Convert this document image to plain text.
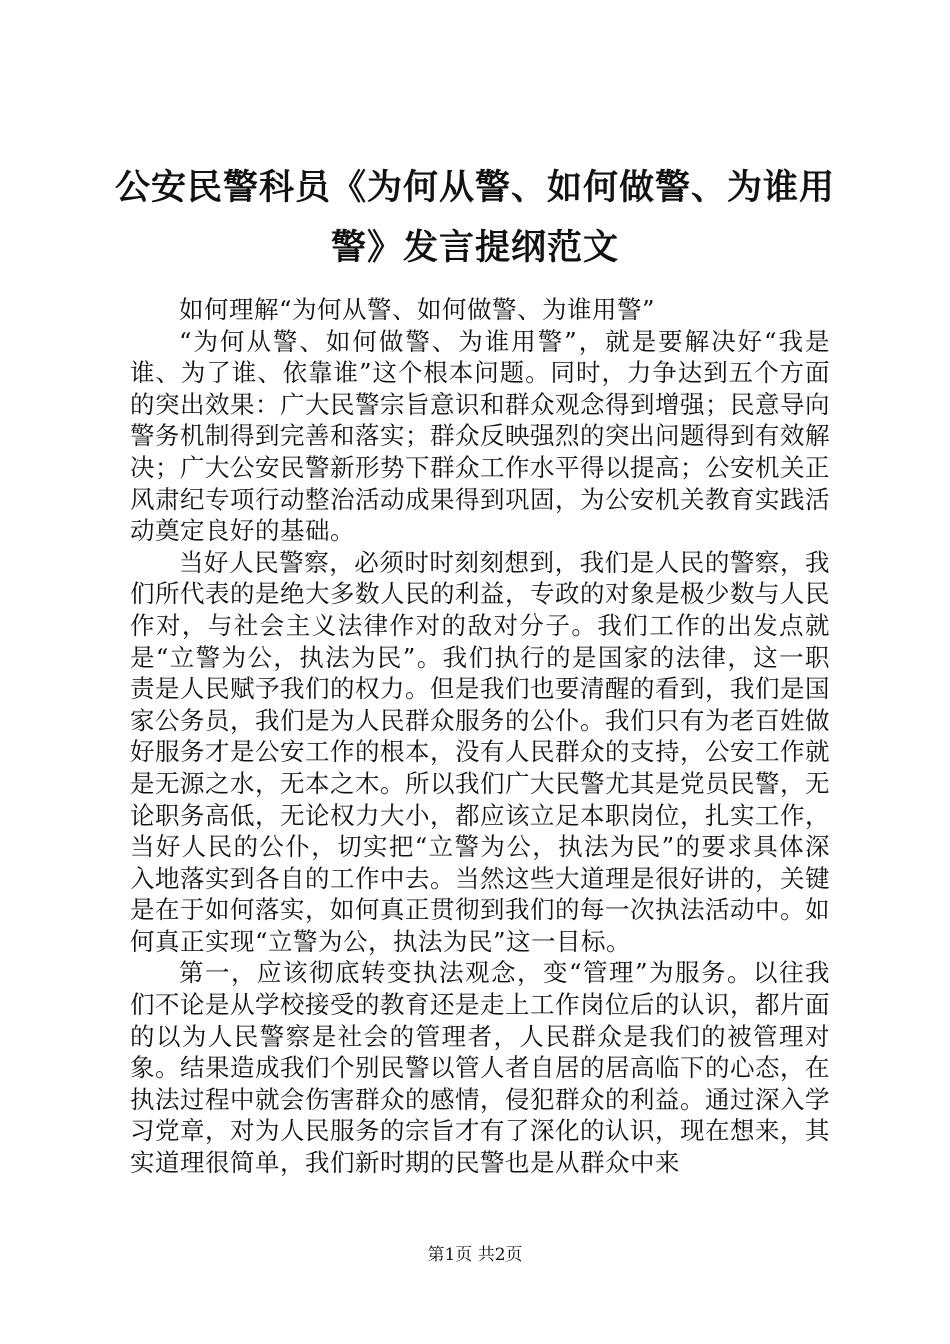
公安民警科员《为何从警、如何做警、为谁用
警》发言提纲范文

如何理解“为何从警、如何做警、为谁用警”

“为何从警、如何做警、为谁用警”，就是要解决好“我是谁、为了谁、依靠谁”这个根本问题。同时，力争达到五个方面的突出效果：广大民警宗旨意识和群众观念得到增强；民意导向警务机制得到完善和落实；群众反映强烈的突出问题得到有效解决；广大公安民警新形势下群众工作水平得以提高；公安机关正风肃纪专项行动整治活动成果得到巩固，为公安机关教育实践活动奠定良好的基础。

当好人民警察，必须时时刻刻想到，我们是人民的警察，我们所代表的是绝大多数人民的利益，专政的对象是极少数与人民作对，与社会主义法律作对的敌对分子。我们工作的出发点就是“立警为公，执法为民”。我们执行的是国家的法律，这一职责是人民赋予我们的权力。但是我们也要清醒的看到，我们是国家公务员，我们是为人民群众服务的公仆。我们只有为老百姓做好服务才是公安工作的根本，没有人民群众的支持，公安工作就是无源之水，无本之木。所以我们广大民警尤其是党员民警，无论职务高低，无论权力大小，都应该立足本职岗位，扎实工作，当好人民的公仆，切实把“立警为公，执法为民”的要求具体深入地落实到各自的工作中去。当然这些大道理是很好讲的，关键是在于如何落实，如何真正贯彻到我们的每一次执法活动中。如何真正实现“立警为公，执法为民”这一目标。

第一，应该彻底转变执法观念，变“管理”为服务。以往我们不论是从学校接受的教育还是走上工作岗位后的认识，都片面的以为人民警察是社会的管理者，人民群众是我们的被管理对象。结果造成我们个别民警以管人者自居的居高临下的心态，在执法过程中就会伤害群众的感情，侵犯群众的利益。通过深入学习党章，对为人民服务的宗旨才有了深化的认识，现在想来，其实道理很简单，我们新时期的民警也是从群众中来

第1页 共2页
